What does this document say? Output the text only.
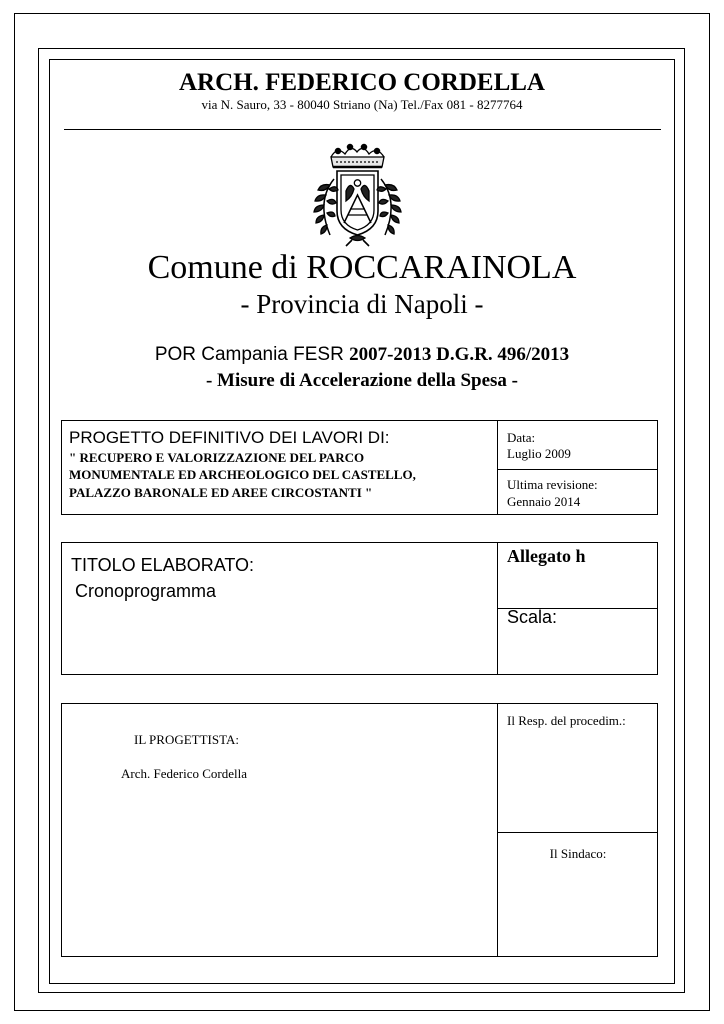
ARCH. FEDERICO CORDELLA
via N. Sauro, 33 - 80040 Striano (Na) Tel./Fax 081 - 8277764
Comune di ROCCARAINOLA
- Provincia di Napoli -
POR Campania FESR 2007-2013 D.G.R. 496/2013
- Misure di Accelerazione della Spesa -
PROGETTO DEFINITIVO DEI LAVORI DI:
" RECUPERO E VALORIZZAZIONE DEL PARCO
MONUMENTALE ED ARCHEOLOGICO DEL CASTELLO,
PALAZZO BARONALE ED AREE CIRCOSTANTI "
Data:
Luglio 2009
Ultima revisione:
Gennaio 2014
TITOLO ELABORATO:
Cronoprogramma
Allegato h
Scala:
IL PROGETTISTA:
Arch. Federico Cordella
Il Resp. del procedim.:
Il Sindaco:
